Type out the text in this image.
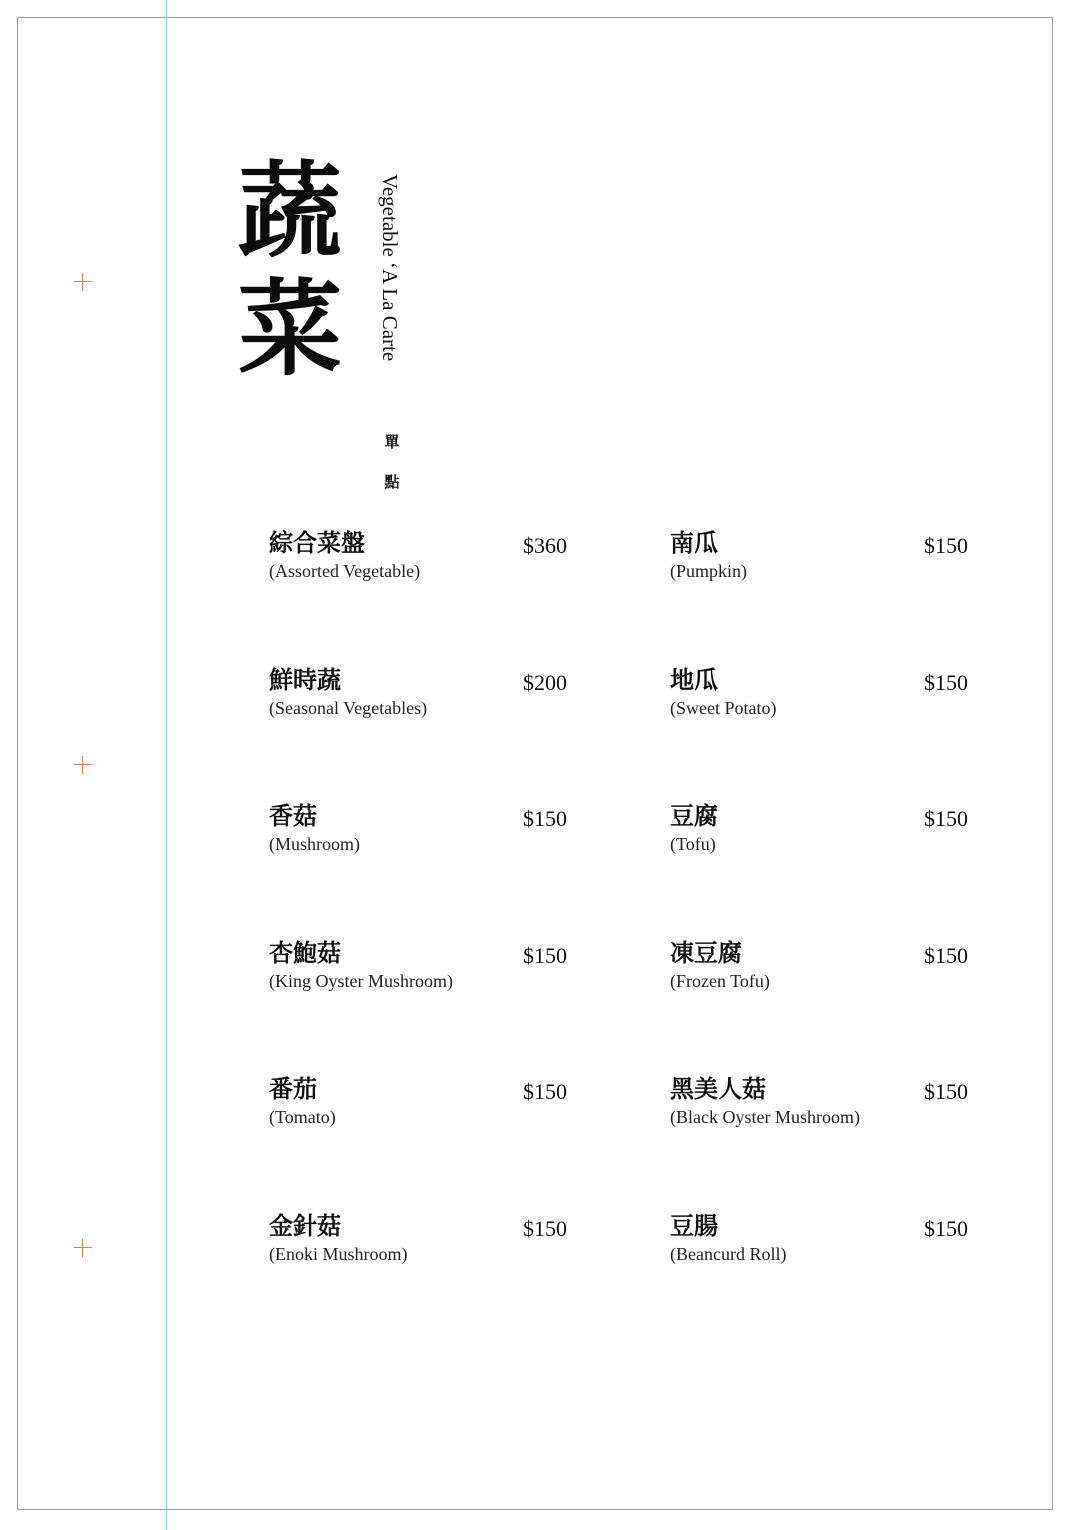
蔬菜	Vegetable ‘A La Carte
單點
綜合菜盤
(Assorted Vegetable)
$360
鮮時蔬
(Seasonal Vegetables)
$200
香菇
(Mushroom)
$150
杏鮑菇
(King Oyster Mushroom)
$150
番茄
(Tomato)
$150
金針菇
(Enoki Mushroom)
$150
南瓜
(Pumpkin)
$150
地瓜
(Sweet Potato)
$150
豆腐
(Tofu)
$150
凍豆腐
(Frozen Tofu)
$150
黑美人菇
(Black Oyster Mushroom)
$150
豆腸
(Beancurd Roll)
$150
